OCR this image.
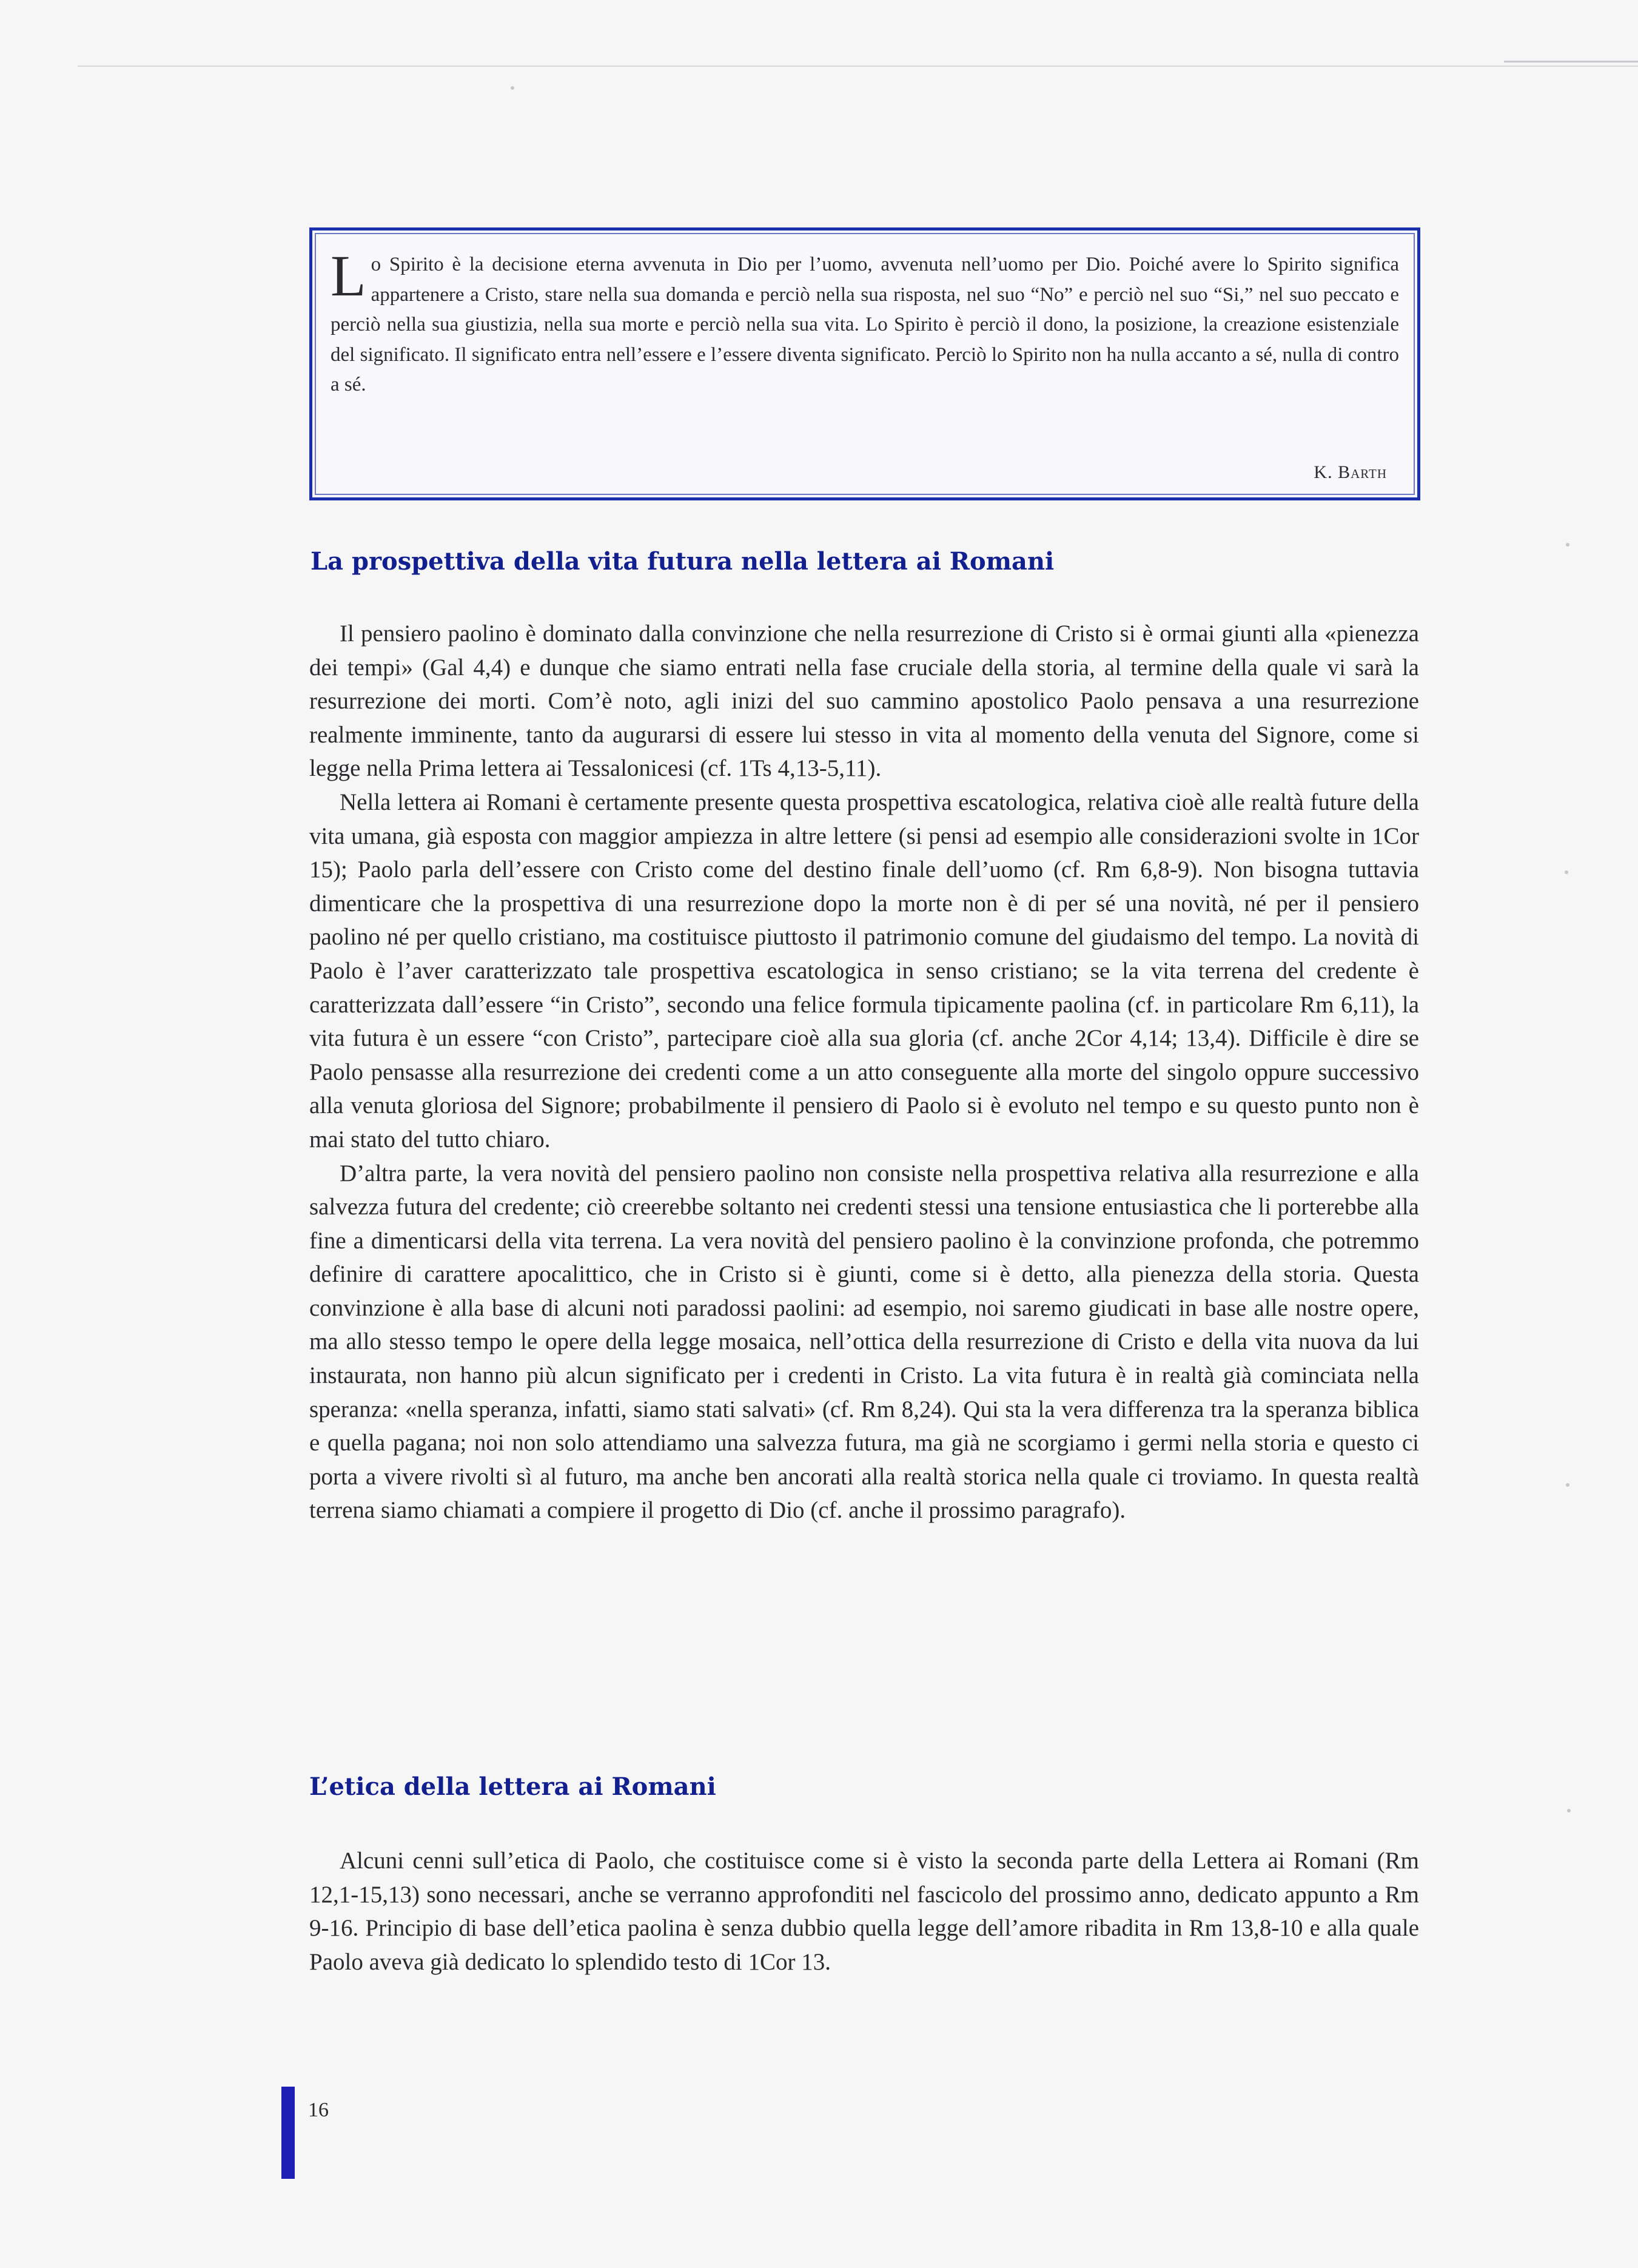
Lo Spirito è la decisione eterna avvenuta in Dio per l’uomo, avvenuta nell’uomo per Dio. Poiché avere lo Spirito significa appartenere a Cristo, stare nella sua domanda e perciò nella sua risposta, nel suo “No” e perciò nel suo “Si,” nel suo peccato e perciò nella sua giustizia, nella sua morte e perciò nella sua vita. Lo Spirito è perciò il dono, la posizione, la creazione esistenziale del significato. Il significato entra nell’essere e l’essere diventa significato. Perciò lo Spirito non ha nulla accanto a sé, nulla di contro a sé.

K. Barth
La prospettiva della vita futura nella lettera ai Romani

Il pensiero paolino è dominato dalla convinzione che nella resurrezione di Cristo si è ormai giunti alla «pienezza dei tempi» (Gal 4,4) e dunque che siamo entrati nella fase cruciale della storia, al termine della quale vi sarà la resurrezione dei morti. Com’è noto, agli inizi del suo cammino apostolico Paolo pensava a una resurrezione realmente imminente, tanto da augurarsi di essere lui stesso in vita al momento della venuta del Signore, come si legge nella Prima lettera ai Tessalonicesi (cf. 1Ts 4,13-5,11).

Nella lettera ai Romani è certamente presente questa prospettiva escatologica, relativa cioè alle realtà future della vita umana, già esposta con maggior ampiezza in altre lettere (si pensi ad esempio alle considerazioni svolte in 1Cor 15); Paolo parla dell’essere con Cristo come del destino finale dell’uomo (cf. Rm 6,8-9). Non bisogna tuttavia dimenticare che la prospettiva di una resurrezione dopo la morte non è di per sé una novità, né per il pensiero paolino né per quello cristiano, ma costituisce piuttosto il patrimonio comune del giudaismo del tempo. La novità di Paolo è l’aver caratterizzato tale prospettiva escatologica in senso cristiano; se la vita terrena del credente è caratterizzata dall’essere “in Cristo”, secondo una felice formula tipicamente paolina (cf. in particolare Rm 6,11), la vita futura è un essere “con Cristo”, partecipare cioè alla sua gloria (cf. anche 2Cor 4,14; 13,4). Difficile è dire se Paolo pensasse alla resurrezione dei credenti come a un atto conseguente alla morte del singolo oppure successivo alla venuta gloriosa del Signore; probabilmente il pensiero di Paolo si è evoluto nel tempo e su questo punto non è mai stato del tutto chiaro.

D’altra parte, la vera novità del pensiero paolino non consiste nella prospettiva relativa alla resurrezione e alla salvezza futura del credente; ciò creerebbe soltanto nei credenti stessi una tensione entusiastica che li porterebbe alla fine a dimenticarsi della vita terrena. La vera novità del pensiero paolino è la convinzione profonda, che potremmo definire di carattere apocalittico, che in Cristo si è giunti, come si è detto, alla pienezza della storia. Questa convinzione è alla base di alcuni noti paradossi paolini: ad esempio, noi saremo giudicati in base alle nostre opere, ma allo stesso tempo le opere della legge mosaica, nell’ottica della resurrezione di Cristo e della vita nuova da lui instaurata, non hanno più alcun significato per i credenti in Cristo. La vita futura è in realtà già cominciata nella speranza: «nella speranza, infatti, siamo stati salvati» (cf. Rm 8,24). Qui sta la vera differenza tra la speranza biblica e quella pagana; noi non solo attendiamo una salvezza futura, ma già ne scorgiamo i germi nella storia e questo ci porta a vivere rivolti sì al futuro, ma anche ben ancorati alla realtà storica nella quale ci troviamo. In questa realtà terrena siamo chiamati a compiere il progetto di Dio (cf. anche il prossimo paragrafo).

L’etica della lettera ai Romani

Alcuni cenni sull’etica di Paolo, che costituisce come si è visto la seconda parte della Lettera ai Romani (Rm 12,1-15,13) sono necessari, anche se verranno approfonditi nel fascicolo del prossimo anno, dedicato appunto a Rm 9-16. Principio di base dell’etica paolina è senza dubbio quella legge dell’amore ribadita in Rm 13,8-10 e alla quale Paolo aveva già dedicato lo splendido testo di 1Cor 13.

16
